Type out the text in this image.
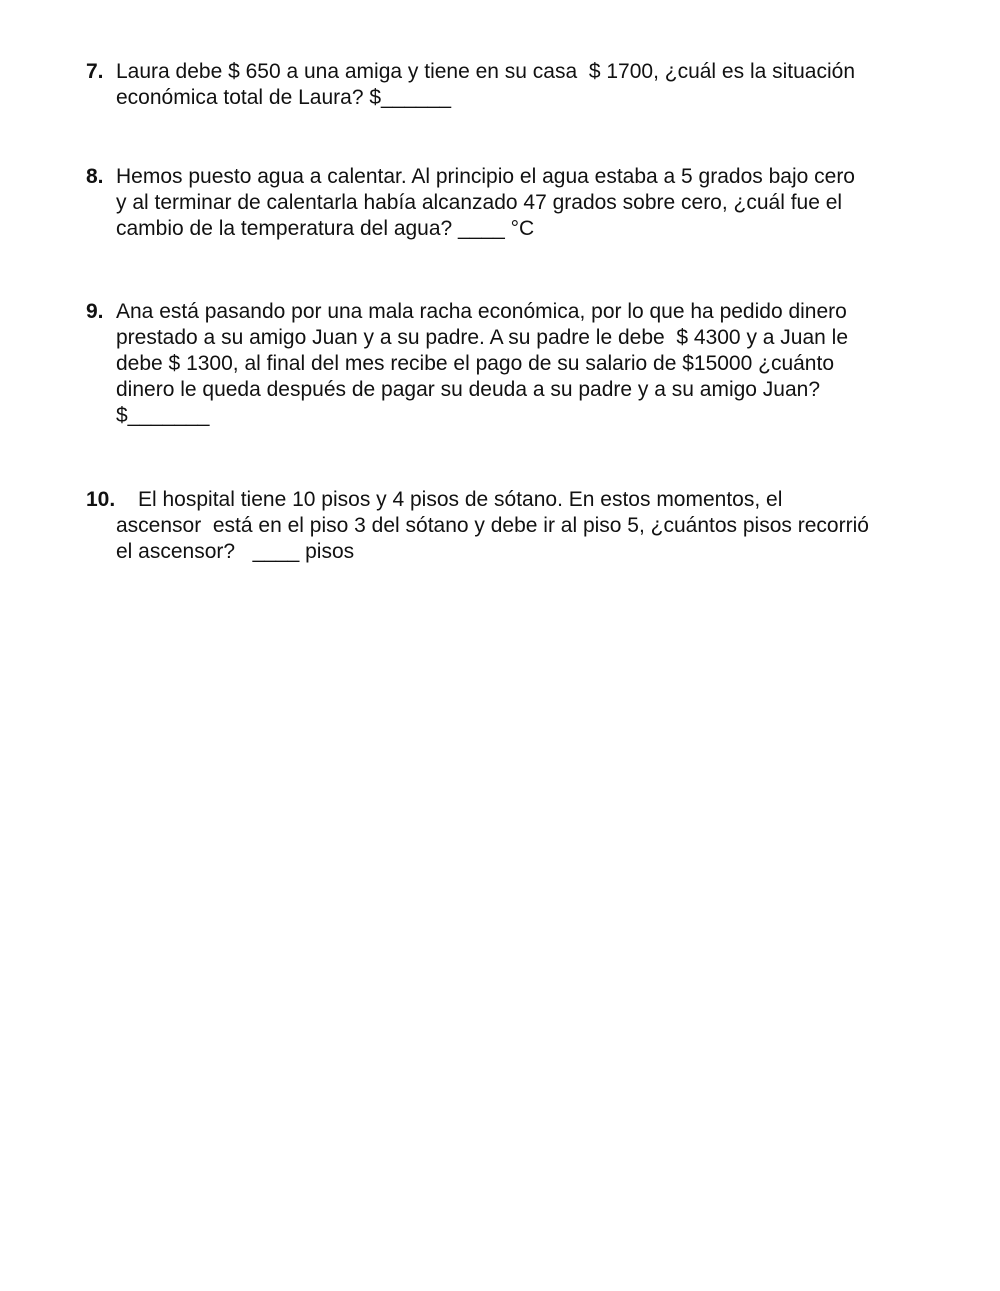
7. Laura debe $ 650 a una amiga y tiene en su casa  $ 1700, ¿cuál es la situación
económica total de Laura? $______
8. Hemos puesto agua a calentar. Al principio el agua estaba a 5 grados bajo cero
y al terminar de calentarla había alcanzado 47 grados sobre cero, ¿cuál fue el
cambio de la temperatura del agua? ____ °C
9. Ana está pasando por una mala racha económica, por lo que ha pedido dinero
prestado a su amigo Juan y a su padre. A su padre le debe  $ 4300 y a Juan le
debe $ 1300, al final del mes recibe el pago de su salario de $15000 ¿cuánto
dinero le queda después de pagar su deuda a su padre y a su amigo Juan?
$_______
10.	El hospital tiene 10 pisos y 4 pisos de sótano. En estos momentos, el
ascensor  está en el piso 3 del sótano y debe ir al piso 5, ¿cuántos pisos recorrió
el ascensor?   ____ pisos
